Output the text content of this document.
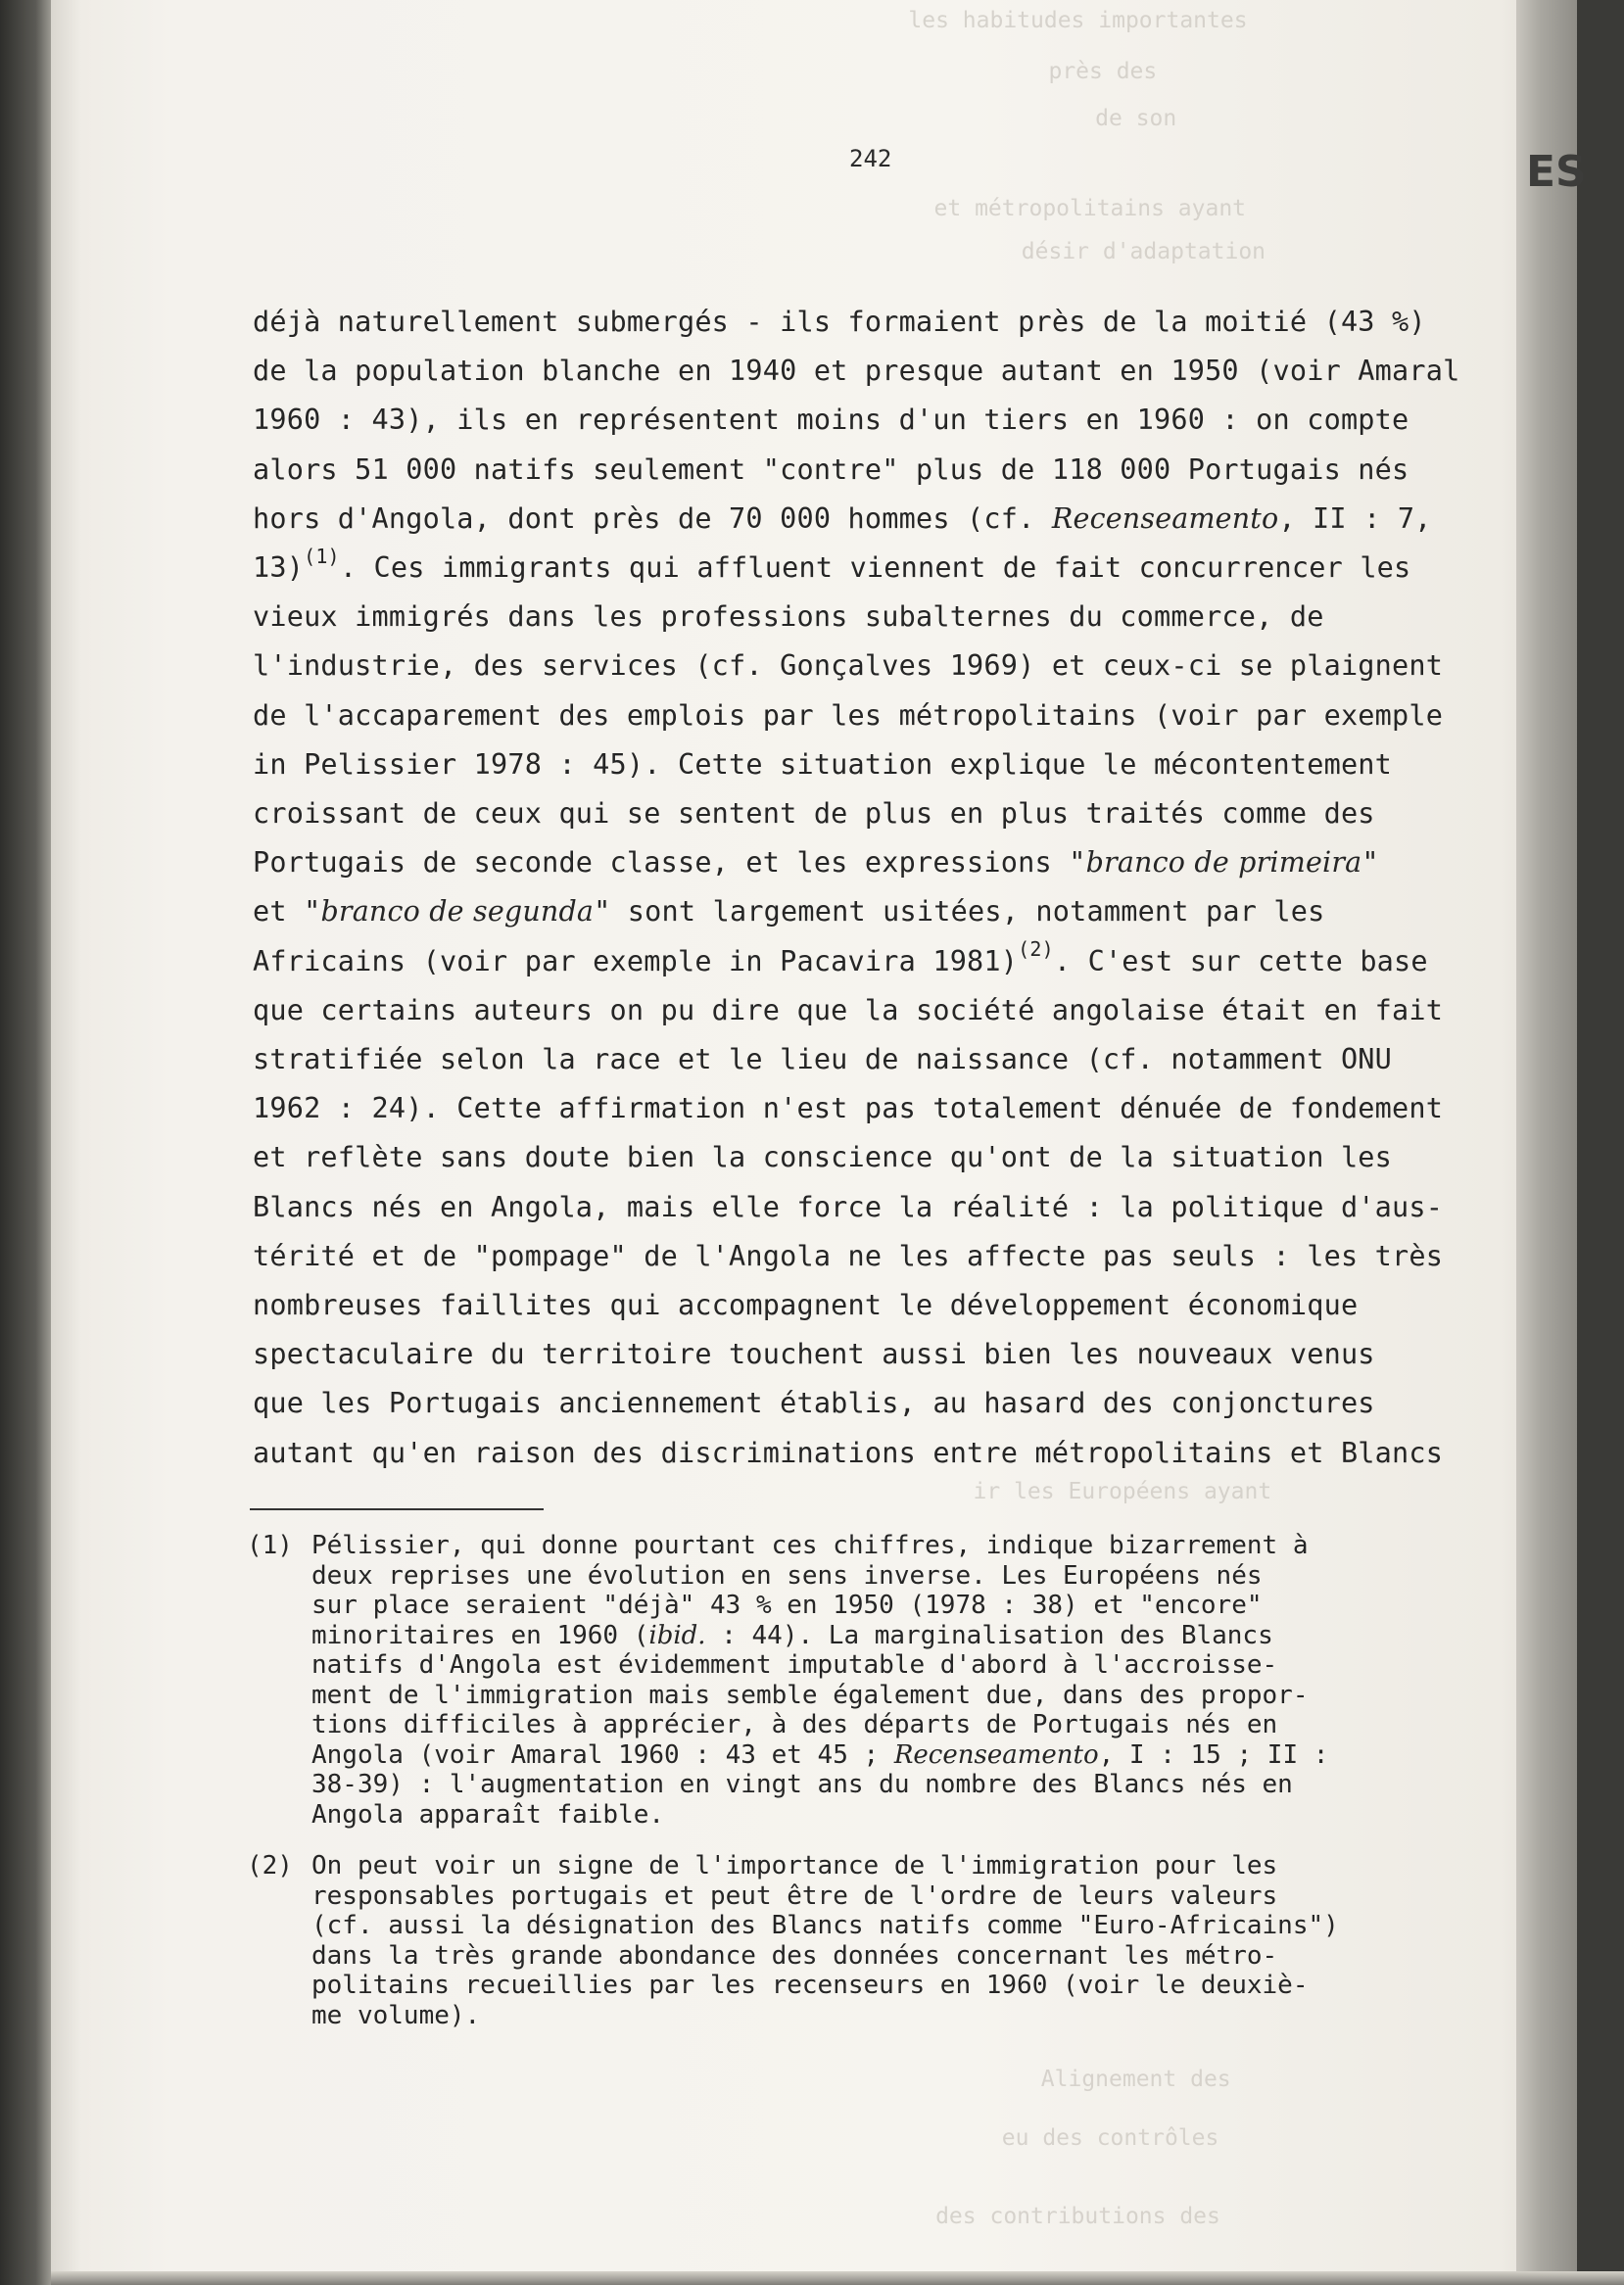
les habitudes importantes
près des
de son
et métropolitains ayant
désir d'adaptation
ir les Européens ayant
Alignement des
eu des contrôles
des contributions des
242
déjà naturellement submergés - ils formaient près de la moitié (43 %)
de la population blanche en 1940 et presque autant en 1950 (voir Amaral
1960 : 43), ils en représentent moins d'un tiers en 1960 : on compte
alors 51 000 natifs seulement "contre" plus de 118 000 Portugais nés
hors d'Angola, dont près de 70 000 hommes (cf. Recenseamento, II : 7,
13)$^{(1)}$. Ces immigrants qui affluent viennent de fait concurrencer les
vieux immigrés dans les professions subalternes du commerce, de
l'industrie, des services (cf. Gonçalves 1969) et ceux-ci se plaignent
de l'accaparement des emplois par les métropolitains (voir par exemple
in Pelissier 1978 : 45). Cette situation explique le mécontentement
croissant de ceux qui se sentent de plus en plus traités comme des
Portugais de seconde classe, et les expressions "branco de primeira"
et "branco de segunda" sont largement usitées, notamment par les
Africains (voir par exemple in Pacavira 1981)$^{(2)}$. C'est sur cette base
que certains auteurs on pu dire que la société angolaise était en fait
stratifiée selon la race et le lieu de naissance (cf. notamment ONU
1962 : 24). Cette affirmation n'est pas totalement dénuée de fondement
et reflète sans doute bien la conscience qu'ont de la situation les
Blancs nés en Angola, mais elle force la réalité : la politique d'aus-
térité et de "pompage" de l'Angola ne les affecte pas seuls : les très
nombreuses faillites qui accompagnent le développement économique
spectaculaire du territoire touchent aussi bien les nouveaux venus
que les Portugais anciennement établis, au hasard des conjonctures
autant qu'en raison des discriminations entre métropolitains et Blancs
(1) Pélissier, qui donne pourtant ces chiffres, indique bizarrement à
deux reprises une évolution en sens inverse. Les Européens nés
sur place seraient "déjà" 43 % en 1950 (1978 : 38) et "encore"
minoritaires en 1960 (ibid. : 44). La marginalisation des Blancs
natifs d'Angola est évidemment imputable d'abord à l'accroisse-
ment de l'immigration mais semble également due, dans des propor-
tions difficiles à apprécier, à des départs de Portugais nés en
Angola (voir Amaral 1960 : 43 et 45 ; Recenseamento, I : 15 ; II :
38-39) : l'augmentation en vingt ans du nombre des Blancs nés en
Angola apparaît faible.
(2) On peut voir un signe de l'importance de l'immigration pour les
responsables portugais et peut être de l'ordre de leurs valeurs
(cf. aussi la désignation des Blancs natifs comme "Euro-Africains")
dans la très grande abondance des données concernant les métro-
politains recueillies par les recenseurs en 1960 (voir le deuxiè-
me volume).
ES
